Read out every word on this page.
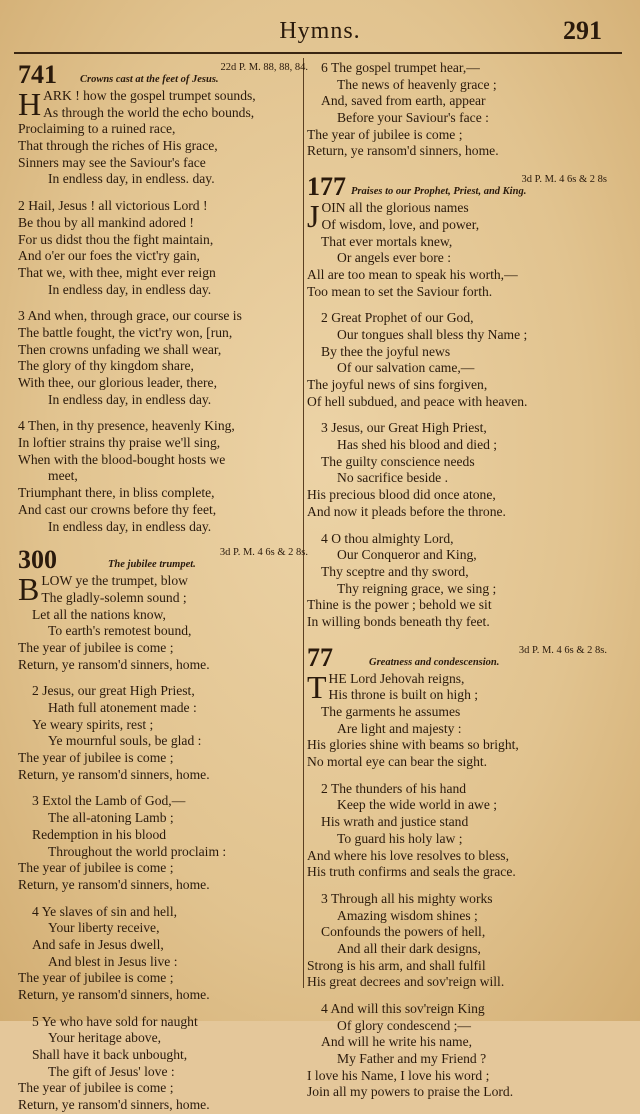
Hymns.	291
741	22d P. M. 88, 88, 84.
Crowns cast at the feet of Jesus.
H ARK ! how the gospel trumpet sounds,
As through the world the echo bounds,
Proclaiming to a ruined race,
That through the riches of His grace,
Sinners may see the Saviour's face
In endless day, in endless. day.
2 Hail, Jesus ! all victorious Lord !
Be thou by all mankind adored !
For us didst thou the fight maintain,
And o'er our foes the vict'ry gain,
That we, with thee, might ever reign
In endless day, in endless day.
3 And when, through grace, our course is
The battle fought, the vict'ry won, [run,
Then crowns unfading we shall wear,
The glory of thy kingdom share,
With thee, our glorious leader, there,
In endless day, in endless day.
4 Then, in thy presence, heavenly King,
In loftier strains thy praise we'll sing,
When with the blood-bought hosts we
meet,
Triumphant there, in bliss complete,
And cast our crowns before thy feet,
In endless day, in endless day.
300	3d P. M. 4 6s & 2 8s.
The jubilee trumpet.
B LOW ye the trumpet, blow
The gladly-solemn sound ;
Let all the nations know,
To earth's remotest bound,
The year of jubilee is come ;
Return, ye ransom'd sinners, home.
2 Jesus, our great High Priest,
Hath full atonement made :
Ye weary spirits, rest ;
Ye mournful souls, be glad :
The year of jubilee is come ;
Return, ye ransom'd sinners, home.
3 Extol the Lamb of God,—
The all-atoning Lamb ;
Redemption in his blood
Throughout the world proclaim :
The year of jubilee is come ;
Return, ye ransom'd sinners, home.
4 Ye slaves of sin and hell,
Your liberty receive,
And safe in Jesus dwell,
And blest in Jesus live :
The year of jubilee is come ;
Return, ye ransom'd sinners, home.
5 Ye who have sold for naught
Your heritage above,
Shall have it back unbought,
The gift of Jesus' love :
The year of jubilee is come ;
Return, ye ransom'd sinners, home.
6 The gospel trumpet hear,—
The news of heavenly grace ;
And, saved from earth, appear
Before your Saviour's face :
The year of jubilee is come ;
Return, ye ransom'd sinners, home.
177	3d P. M. 4 6s & 2 8s
Praises to our Prophet, Priest, and King.
J OIN all the glorious names
Of wisdom, love, and power,
That ever mortals knew,
Or angels ever bore :
All are too mean to speak his worth,—
Too mean to set the Saviour forth.
2 Great Prophet of our God,
Our tongues shall bless thy Name ;
By thee the joyful news
Of our salvation came,—
The joyful news of sins forgiven,
Of hell subdued, and peace with heaven.
3 Jesus, our Great High Priest,
Has shed his blood and died ;
The guilty conscience needs
No sacrifice beside .
His precious blood did once atone,
And now it pleads before the throne.
4 O thou almighty Lord,
Our Conqueror and King,
Thy sceptre and thy sword,
Thy reigning grace, we sing ;
Thine is the power ; behold we sit
In willing bonds beneath thy feet.
77	3d P. M. 4 6s & 2 8s.
Greatness and condescension.
T HE Lord Jehovah reigns,
His throne is built on high ;
The garments he assumes
Are light and majesty :
His glories shine with beams so bright,
No mortal eye can bear the sight.
2 The thunders of his hand
Keep the wide world in awe ;
His wrath and justice stand
To guard his holy law ;
And where his love resolves to bless,
His truth confirms and seals the grace.
3 Through all his mighty works
Amazing wisdom shines ;
Confounds the powers of hell,
And all their dark designs,
Strong is his arm, and shall fulfil
His great decrees and sov'reign will.
4 And will this sov'reign King
Of glory condescend ;—
And will he write his name,
My Father and my Friend ?
I love his Name, I love his word ;
Join all my powers to praise the Lord.
